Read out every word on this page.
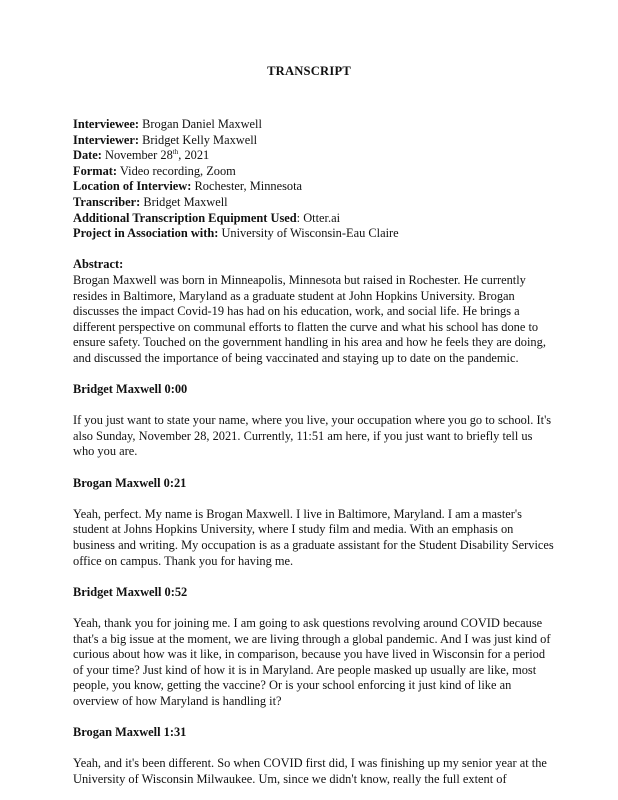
TRANSCRIPT
Interviewee: Brogan Daniel Maxwell
Interviewer: Bridget Kelly Maxwell
Date: November 28th, 2021
Format: Video recording, Zoom
Location of Interview: Rochester, Minnesota
Transcriber: Bridget Maxwell
Additional Transcription Equipment Used: Otter.ai
Project in Association with: University of Wisconsin-Eau Claire
Abstract:
Brogan Maxwell was born in Minneapolis, Minnesota but raised in Rochester. He currently
resides in Baltimore, Maryland as a graduate student at John Hopkins University. Brogan
discusses the impact Covid-19 has had on his education, work, and social life. He brings a
different perspective on communal efforts to flatten the curve and what his school has done to
ensure safety. Touched on the government handling in his area and how he feels they are doing,
and discussed the importance of being vaccinated and staying up to date on the pandemic.
Bridget Maxwell 0:00
If you just want to state your name, where you live, your occupation where you go to school. It's
also Sunday, November 28, 2021. Currently, 11:51 am here, if you just want to briefly tell us
who you are.
Brogan Maxwell 0:21
Yeah, perfect. My name is Brogan Maxwell. I live in Baltimore, Maryland. I am a master's
student at Johns Hopkins University, where I study film and media. With an emphasis on
business and writing. My occupation is as a graduate assistant for the Student Disability Services
office on campus. Thank you for having me.
Bridget Maxwell 0:52
Yeah, thank you for joining me. I am going to ask questions revolving around COVID because
that's a big issue at the moment, we are living through a global pandemic. And I was just kind of
curious about how was it like, in comparison, because you have lived in Wisconsin for a period
of your time? Just kind of how it is in Maryland. Are people masked up usually are like, most
people, you know, getting the vaccine? Or is your school enforcing it just kind of like an
overview of how Maryland is handling it?
Brogan Maxwell 1:31
Yeah, and it's been different. So when COVID first did, I was finishing up my senior year at the
University of Wisconsin Milwaukee. Um, since we didn't know, really the full extent of
